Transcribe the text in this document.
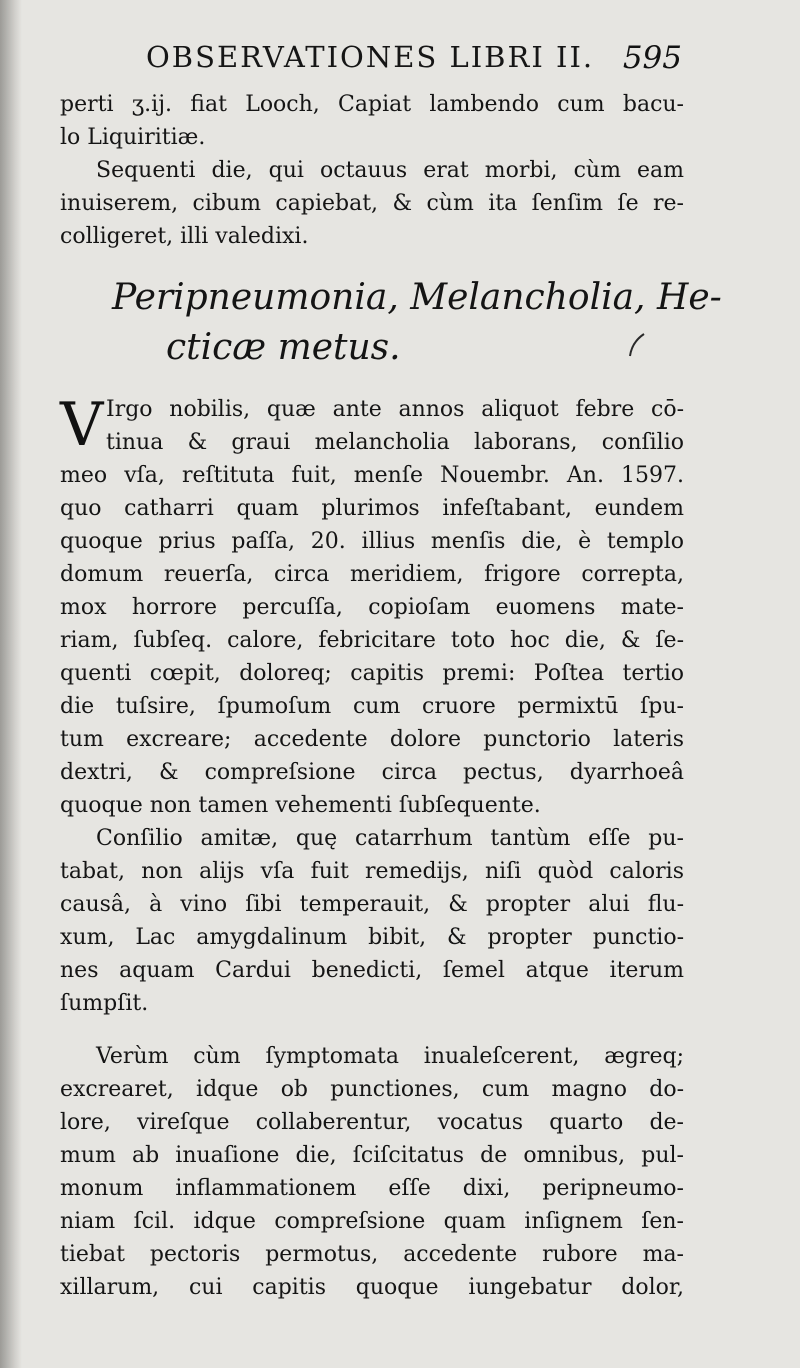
OBSERVATIONES LIBRI II. 595
perti ʒ.ij. fiat Looch, Capiat lambendo cum bacu-
lo Liquiritiæ.
Sequenti die, qui octauus erat morbi, cùm eam
inuiserem, cibum capiebat, & cùm ita ſenſim ſe re-
colligeret, illi valedixi.
Peripneumonia, Melancholia, He-
cticæ metus.
V Irgo nobilis, quæ ante annos aliquot febre cō-
tinua & graui melancholia laborans, conſilio
meo vſa, reſtituta fuit, menſe Nouembr. An. 1597.
quo catharri quam plurimos infeſtabant, eundem
quoque prius paſſa, 20. illius menſis die, è templo
domum reuerſa, circa meridiem, frigore correpta,
mox horrore percuſſa, copioſam euomens mate-
riam, ſubſeq. calore, febricitare toto hoc die, & ſe-
quenti cœpit, doloreq; capitis premi: Poſtea tertio
die tuſsire, ſpumoſum cum cruore permixtū ſpu-
tum excreare; accedente dolore punctorio lateris
dextri, & compreſsione circa pectus, dyarrhoeâ
quoque non tamen vehementi ſubſequente.
Conſilio amitæ, quę catarrhum tantùm eſſe pu-
tabat, non alijs vſa fuit remedijs, niſi quòd caloris
causâ, à vino ſibi temperauit, & propter alui flu-
xum, Lac amygdalinum bibit, & propter punctio-
nes aquam Cardui benedicti, ſemel atque iterum
ſumpſit.
Verùm cùm ſymptomata inualeſcerent, ægreq;
excrearet, idque ob punctiones, cum magno do-
lore, vireſque collaberentur, vocatus quarto de-
mum ab inuaſione die, ſciſcitatus de omnibus, pul-
monum inflammationem eſſe dixi, peripneumo-
niam ſcil. idque compreſsione quam inſignem ſen-
tiebat pectoris permotus, accedente rubore ma-
xillarum, cui capitis quoque iungebatur dolor,
